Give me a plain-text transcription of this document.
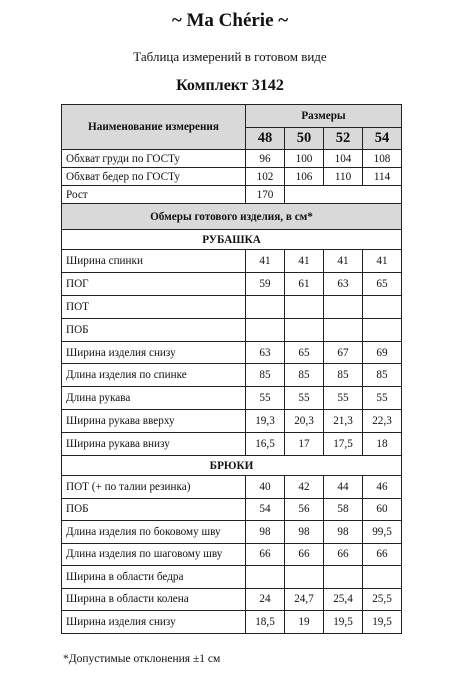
~ Ma Chérie ~
Таблица измерений в готовом виде
Комплект 3142
Наименование измерения	Размеры			
	48	50	52	54
Обхват груди по ГОСТу	96	100	104	108
Обхват бедер по ГОСТу	102	106	110	114
Рост	170			
Обмеры готового изделия, в см*				
РУБАШКА				
Ширина спинки	41	41	41	41
ПОГ	59	61	63	65
ПОТ				
ПОБ				
Ширина изделия снизу	63	65	67	69
Длина изделия по спинке	85	85	85	85
Длина рукава	55	55	55	55
Ширина рукава вверху	19,3	20,3	21,3	22,3
Ширина рукава внизу	16,5	17	17,5	18
БРЮКИ				
ПОТ (+ по талии резинка)	40	42	44	46
ПОБ	54	56	58	60
Длина изделия по боковому шву	98	98	98	99,5
Длина изделия по шаговому шву	66	66	66	66
Ширина в области бедра				
Ширина в области колена	24	24,7	25,4	25,5
Ширина изделия снизу	18,5	19	19,5	19,5
*Допустимые отклонения ±1 см
